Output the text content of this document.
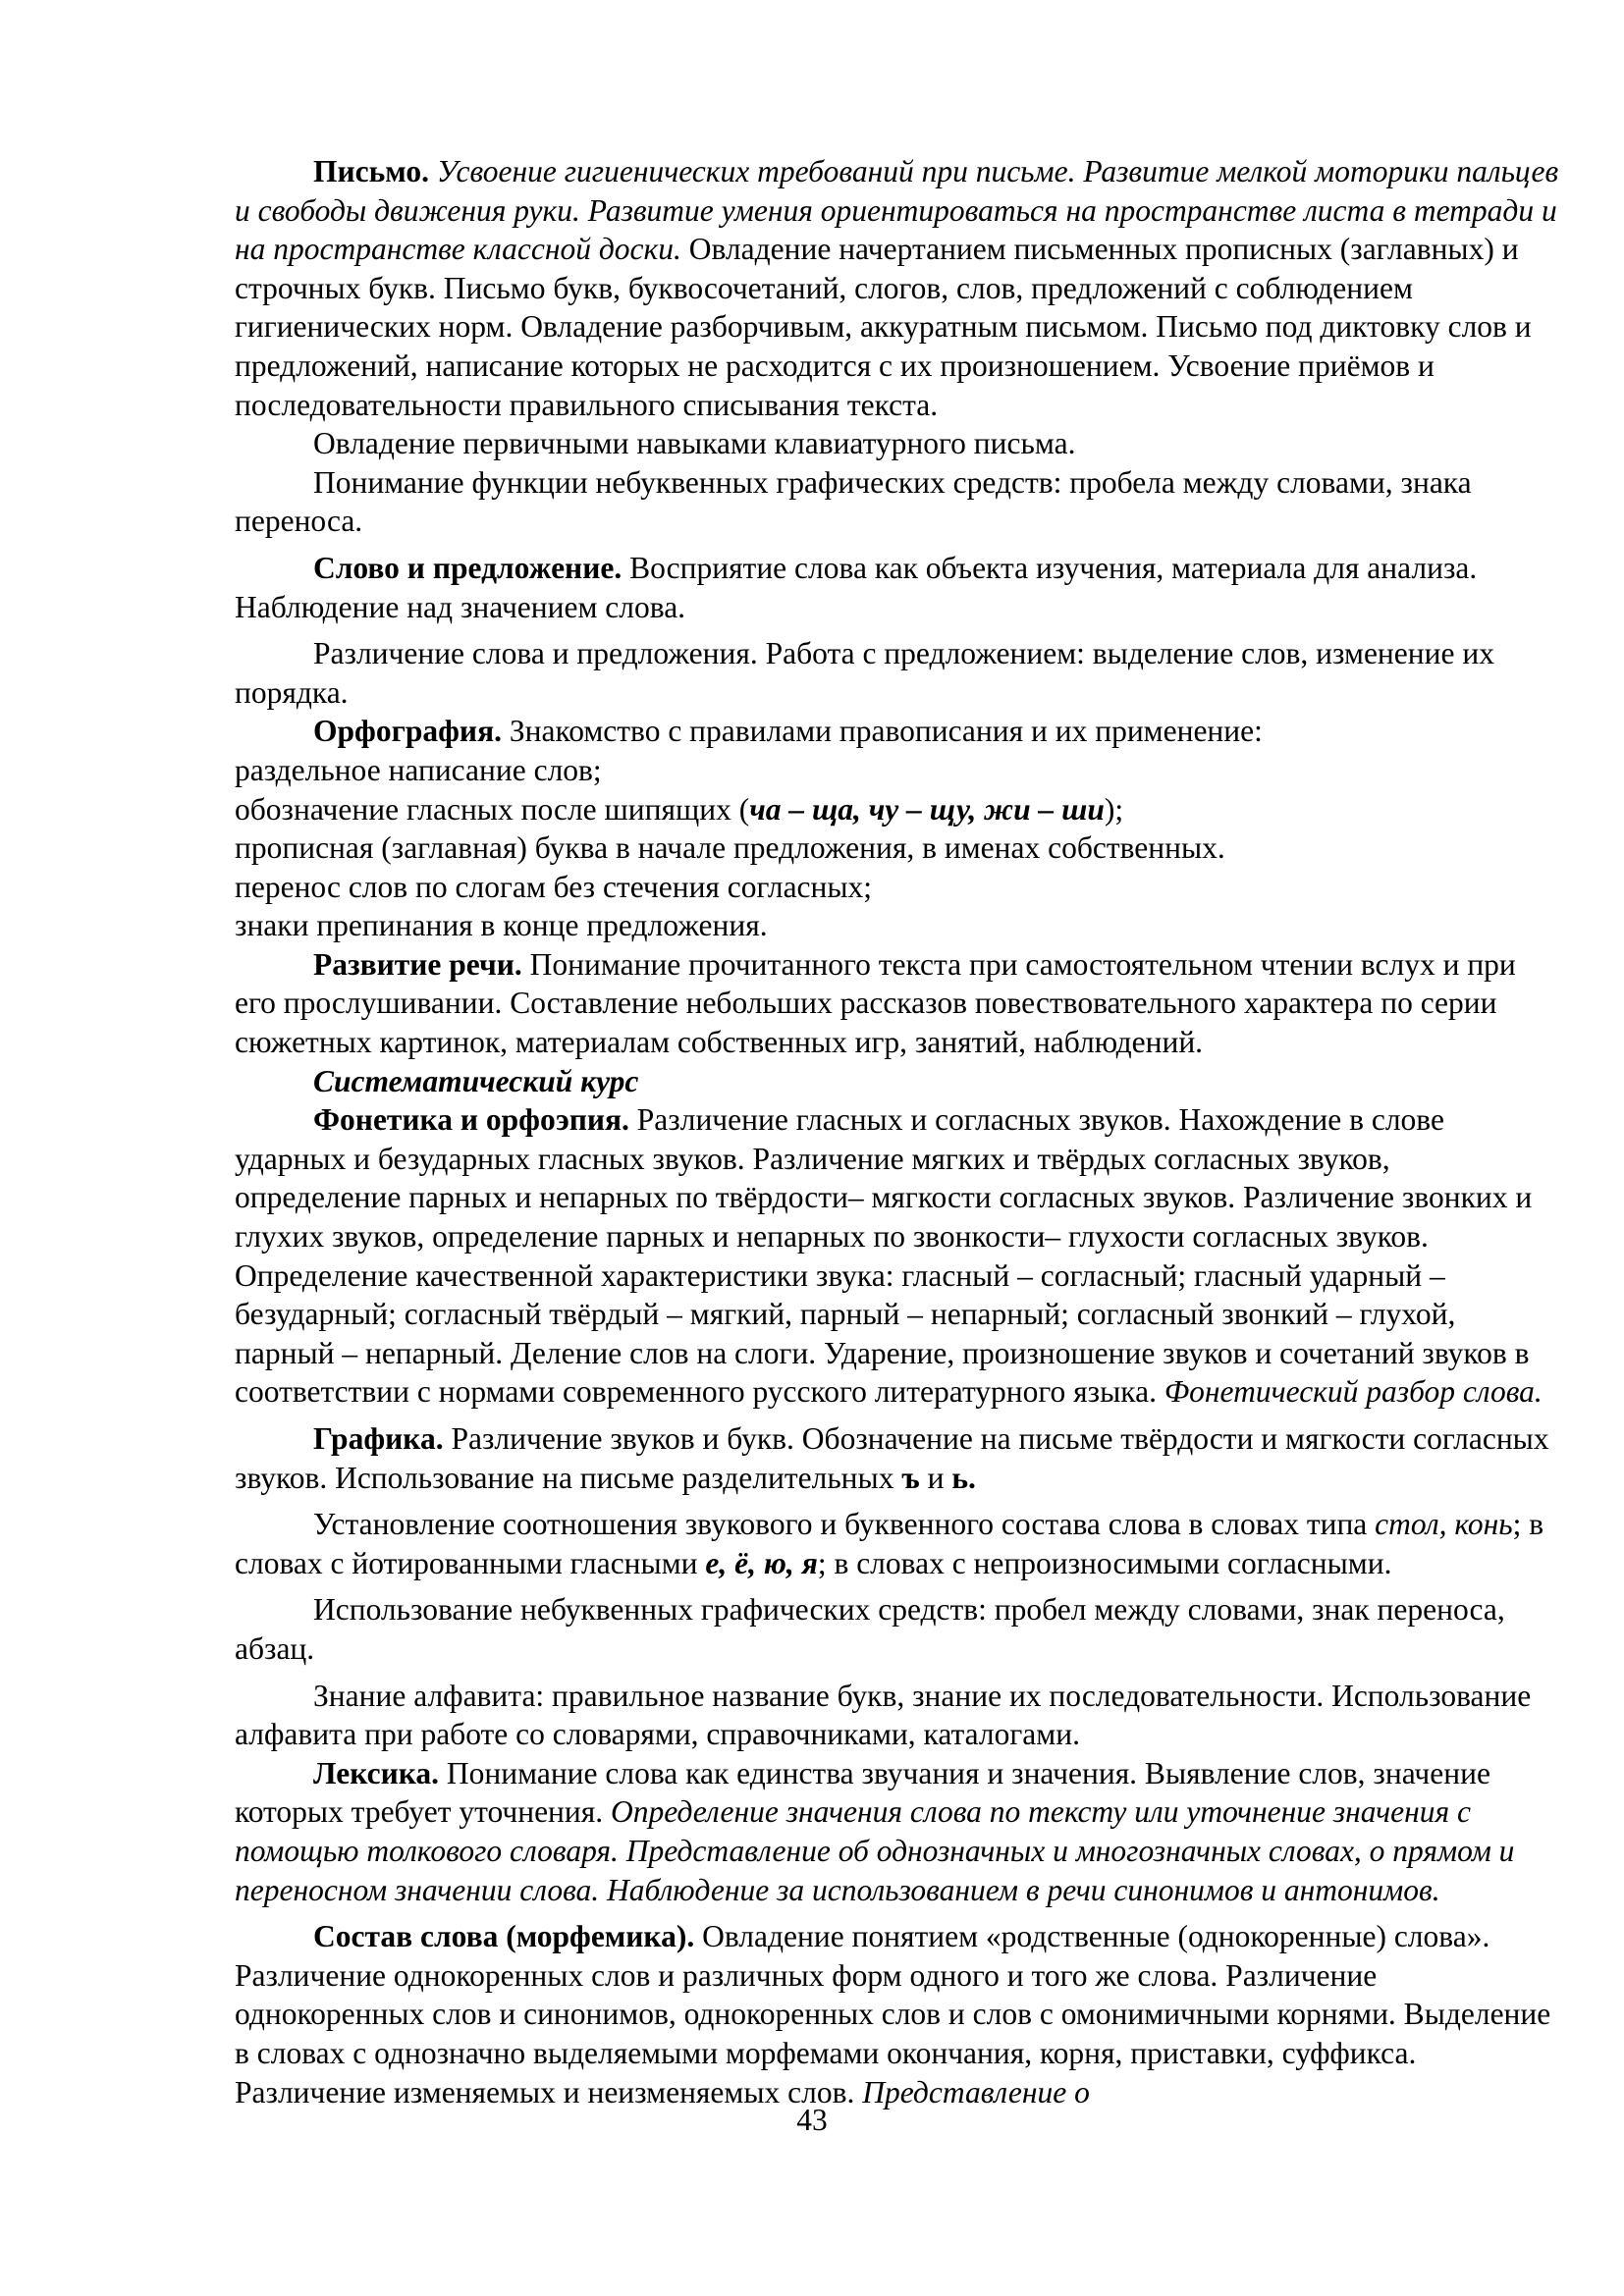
Письмо. Усвоение гигиенических требований при письме. Развитие мелкой моторики пальцев и свободы движения руки. Развитие умения ориентироваться на пространстве листа в тетради и на пространстве классной доски. Овладение начертанием письменных прописных (заглавных) и строчных букв. Письмо букв, буквосочетаний, слогов, слов, предложений с соблюдением гигиенических норм. Овладение разборчивым, аккуратным письмом. Письмо под диктовку слов и предложений, написание которых не расходится с их произношением. Усвоение приёмов и последовательности правильного списывания текста.

Овладение первичными навыками клавиатурного письма.

Понимание функции небуквенных графических средств: пробела между словами, знака переноса.

Слово и предложение. Восприятие слова как объекта изучения, материала для анализа. Наблюдение над значением слова.

Различение слова и предложения. Работа с предложением: выделение слов, изменение их порядка.

Орфография. Знакомство с правилами правописания и их применение:

раздельное написание слов;

обозначение гласных после шипящих (ча – ща, чу – щу, жи – ши);

прописная (заглавная) буква в начале предложения, в именах собственных.

перенос слов по слогам без стечения согласных;

знаки препинания в конце предложения.

Развитие речи. Понимание прочитанного текста при самостоятельном чтении вслух и при его прослушивании. Составление небольших рассказов повествовательного характера по серии сюжетных картинок, материалам собственных игр, занятий, наблюдений.

Систематический курс

Фонетика и орфоэпия. Различение гласных и согласных звуков. Нахождение в слове ударных и безударных гласных звуков. Различение мягких и твёрдых согласных звуков, определение парных и непарных по твёрдости– мягкости согласных звуков. Различение звонких и глухих звуков, определение парных и непарных по звонкости– глухости согласных звуков. Определение качественной характеристики звука: гласный – согласный; гласный ударный – безударный; согласный твёрдый – мягкий, парный – непарный; согласный звонкий – глухой, парный – непарный. Деление слов на слоги. Ударение, произношение звуков и сочетаний звуков в соответствии с нормами современного русского литературного языка. Фонетический разбор слова.

Графика. Различение звуков и букв. Обозначение на письме твёрдости и мягкости согласных звуков. Использование на письме разделительных ъ и ь.

Установление соотношения звукового и буквенного состава слова в словах типа стол, конь; в словах с йотированными гласными е, ё, ю, я; в словах с непроизносимыми согласными.

Использование небуквенных графических средств: пробел между словами, знак переноса, абзац.

Знание алфавита: правильное название букв, знание их последовательности. Использование алфавита при работе со словарями, справочниками, каталогами.

Лексика. Понимание слова как единства звучания и значения. Выявление слов, значение которых требует уточнения. Определение значения слова по тексту или уточнение значения с помощью толкового словаря. Представление об однозначных и многозначных словах, о прямом и переносном значении слова. Наблюдение за использованием в речи синонимов и антонимов.

Состав слова (морфемика). Овладение понятием «родственные (однокоренные) слова». Различение однокоренных слов и различных форм одного и того же слова. Различение однокоренных слов и синонимов, однокоренных слов и слов с омонимичными корнями. Выделение в словах с однозначно выделяемыми морфемами окончания, корня, приставки, суффикса. Различение изменяемых и неизменяемых слов. Представление о

43
